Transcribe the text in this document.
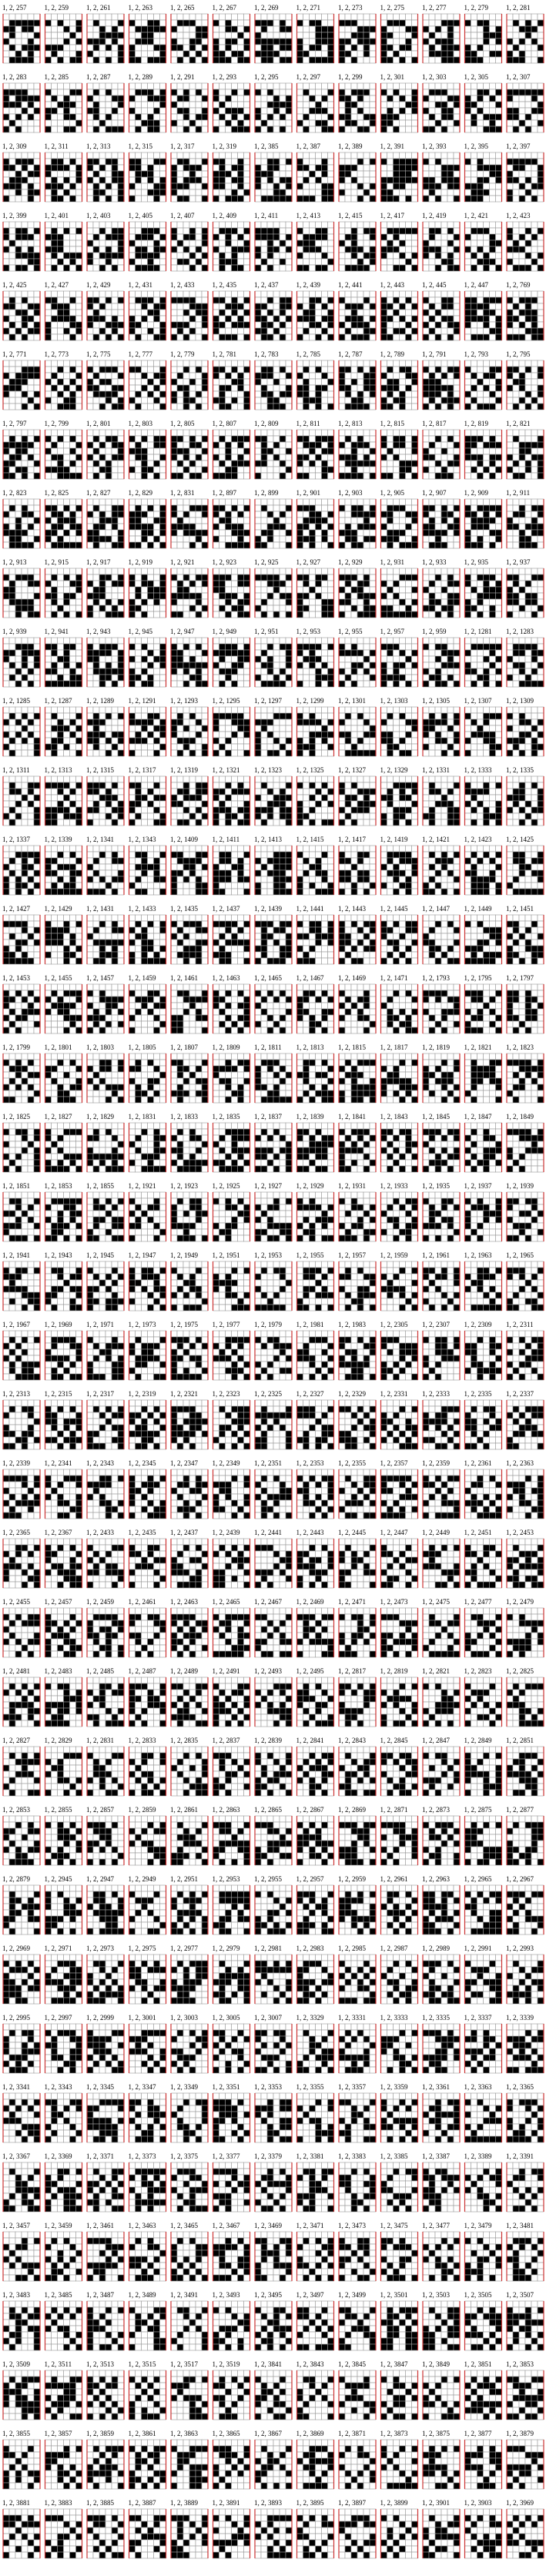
1, 2, 257	1, 2, 259	1, 2, 261	1, 2, 263	1, 2, 265	1, 2, 267	1, 2, 269	1, 2, 271	1, 2, 273	1, 2, 275	1, 2, 277	1, 2, 279	1, 2, 281
1, 2, 283	1, 2, 285	1, 2, 287	1, 2, 289	1, 2, 291	1, 2, 293	1, 2, 295	1, 2, 297	1, 2, 299	1, 2, 301	1, 2, 303	1, 2, 305	1, 2, 307
1, 2, 309	1, 2, 311	1, 2, 313	1, 2, 315	1, 2, 317	1, 2, 319	1, 2, 385	1, 2, 387	1, 2, 389	1, 2, 391	1, 2, 393	1, 2, 395	1, 2, 397
1, 2, 399	1, 2, 401	1, 2, 403	1, 2, 405	1, 2, 407	1, 2, 409	1, 2, 411	1, 2, 413	1, 2, 415	1, 2, 417	1, 2, 419	1, 2, 421	1, 2, 423
1, 2, 425	1, 2, 427	1, 2, 429	1, 2, 431	1, 2, 433	1, 2, 435	1, 2, 437	1, 2, 439	1, 2, 441	1, 2, 443	1, 2, 445	1, 2, 447	1, 2, 769
1, 2, 771	1, 2, 773	1, 2, 775	1, 2, 777	1, 2, 779	1, 2, 781	1, 2, 783	1, 2, 785	1, 2, 787	1, 2, 789	1, 2, 791	1, 2, 793	1, 2, 795
1, 2, 797	1, 2, 799	1, 2, 801	1, 2, 803	1, 2, 805	1, 2, 807	1, 2, 809	1, 2, 811	1, 2, 813	1, 2, 815	1, 2, 817	1, 2, 819	1, 2, 821
1, 2, 823	1, 2, 825	1, 2, 827	1, 2, 829	1, 2, 831	1, 2, 897	1, 2, 899	1, 2, 901	1, 2, 903	1, 2, 905	1, 2, 907	1, 2, 909	1, 2, 911
1, 2, 913	1, 2, 915	1, 2, 917	1, 2, 919	1, 2, 921	1, 2, 923	1, 2, 925	1, 2, 927	1, 2, 929	1, 2, 931	1, 2, 933	1, 2, 935	1, 2, 937
1, 2, 939	1, 2, 941	1, 2, 943	1, 2, 945	1, 2, 947	1, 2, 949	1, 2, 951	1, 2, 953	1, 2, 955	1, 2, 957	1, 2, 959	1, 2, 1281 1, 2, 1283
1, 2, 1285 1, 2, 1287 1, 2, 1289 1, 2, 1291 1, 2, 1293 1, 2, 1295 1, 2, 1297 1, 2, 1299 1, 2, 1301 1, 2, 1303 1, 2, 1305 1, 2, 1307 1, 2, 1309
1, 2, 1311 1, 2, 1313 1, 2, 1315 1, 2, 1317 1, 2, 1319 1, 2, 1321 1, 2, 1323 1, 2, 1325 1, 2, 1327 1, 2, 1329 1, 2, 1331 1, 2, 1333 1, 2, 1335
1, 2, 1337 1, 2, 1339 1, 2, 1341 1, 2, 1343 1, 2, 1409 1, 2, 1411 1, 2, 1413 1, 2, 1415 1, 2, 1417 1, 2, 1419 1, 2, 1421 1, 2, 1423 1, 2, 1425
1, 2, 1427 1, 2, 1429 1, 2, 1431 1, 2, 1433 1, 2, 1435 1, 2, 1437 1, 2, 1439 1, 2, 1441 1, 2, 1443 1, 2, 1445 1, 2, 1447 1, 2, 1449 1, 2, 1451
1, 2, 1453 1, 2, 1455 1, 2, 1457 1, 2, 1459 1, 2, 1461 1, 2, 1463 1, 2, 1465 1, 2, 1467 1, 2, 1469 1, 2, 1471 1, 2, 1793 1, 2, 1795 1, 2, 1797
1, 2, 1799 1, 2, 1801 1, 2, 1803 1, 2, 1805 1, 2, 1807 1, 2, 1809 1, 2, 1811 1, 2, 1813 1, 2, 1815 1, 2, 1817 1, 2, 1819 1, 2, 1821 1, 2, 1823
1, 2, 1825 1, 2, 1827 1, 2, 1829 1, 2, 1831 1, 2, 1833 1, 2, 1835 1, 2, 1837 1, 2, 1839 1, 2, 1841 1, 2, 1843 1, 2, 1845 1, 2, 1847 1, 2, 1849
1, 2, 1851 1, 2, 1853 1, 2, 1855 1, 2, 1921 1, 2, 1923 1, 2, 1925 1, 2, 1927 1, 2, 1929 1, 2, 1931 1, 2, 1933 1, 2, 1935 1, 2, 1937 1, 2, 1939
1, 2, 1941 1, 2, 1943 1, 2, 1945 1, 2, 1947 1, 2, 1949 1, 2, 1951 1, 2, 1953 1, 2, 1955 1, 2, 1957 1, 2, 1959 1, 2, 1961 1, 2, 1963 1, 2, 1965
1, 2, 1967 1, 2, 1969 1, 2, 1971 1, 2, 1973 1, 2, 1975 1, 2, 1977 1, 2, 1979 1, 2, 1981 1, 2, 1983 1, 2, 2305 1, 2, 2307 1, 2, 2309 1, 2, 2311
1, 2, 2313 1, 2, 2315 1, 2, 2317 1, 2, 2319 1, 2, 2321 1, 2, 2323 1, 2, 2325 1, 2, 2327 1, 2, 2329 1, 2, 2331 1, 2, 2333 1, 2, 2335 1, 2, 2337
1, 2, 2339 1, 2, 2341 1, 2, 2343 1, 2, 2345 1, 2, 2347 1, 2, 2349 1, 2, 2351 1, 2, 2353 1, 2, 2355 1, 2, 2357 1, 2, 2359 1, 2, 2361 1, 2, 2363
1, 2, 2365 1, 2, 2367 1, 2, 2433 1, 2, 2435 1, 2, 2437 1, 2, 2439 1, 2, 2441 1, 2, 2443 1, 2, 2445 1, 2, 2447 1, 2, 2449 1, 2, 2451 1, 2, 2453
1, 2, 2455 1, 2, 2457 1, 2, 2459 1, 2, 2461 1, 2, 2463 1, 2, 2465 1, 2, 2467 1, 2, 2469 1, 2, 2471 1, 2, 2473 1, 2, 2475 1, 2, 2477 1, 2, 2479
1, 2, 2481 1, 2, 2483 1, 2, 2485 1, 2, 2487 1, 2, 2489 1, 2, 2491 1, 2, 2493 1, 2, 2495 1, 2, 2817 1, 2, 2819 1, 2, 2821 1, 2, 2823 1, 2, 2825
1, 2, 2827 1, 2, 2829 1, 2, 2831 1, 2, 2833 1, 2, 2835 1, 2, 2837 1, 2, 2839 1, 2, 2841 1, 2, 2843 1, 2, 2845 1, 2, 2847 1, 2, 2849 1, 2, 2851
1, 2, 2853 1, 2, 2855 1, 2, 2857 1, 2, 2859 1, 2, 2861 1, 2, 2863 1, 2, 2865 1, 2, 2867 1, 2, 2869 1, 2, 2871 1, 2, 2873 1, 2, 2875 1, 2, 2877
1, 2, 2879 1, 2, 2945 1, 2, 2947 1, 2, 2949 1, 2, 2951 1, 2, 2953 1, 2, 2955 1, 2, 2957 1, 2, 2959 1, 2, 2961 1, 2, 2963 1, 2, 2965 1, 2, 2967
1, 2, 2969 1, 2, 2971 1, 2, 2973 1, 2, 2975 1, 2, 2977 1, 2, 2979 1, 2, 2981 1, 2, 2983 1, 2, 2985 1, 2, 2987 1, 2, 2989 1, 2, 2991 1, 2, 2993
1, 2, 2995 1, 2, 2997 1, 2, 2999 1, 2, 3001 1, 2, 3003 1, 2, 3005 1, 2, 3007 1, 2, 3329 1, 2, 3331 1, 2, 3333 1, 2, 3335 1, 2, 3337 1, 2, 3339
1, 2, 3341 1, 2, 3343 1, 2, 3345 1, 2, 3347 1, 2, 3349 1, 2, 3351 1, 2, 3353 1, 2, 3355 1, 2, 3357 1, 2, 3359 1, 2, 3361 1, 2, 3363 1, 2, 3365
1, 2, 3367 1, 2, 3369 1, 2, 3371 1, 2, 3373 1, 2, 3375 1, 2, 3377 1, 2, 3379 1, 2, 3381 1, 2, 3383 1, 2, 3385 1, 2, 3387 1, 2, 3389 1, 2, 3391
1, 2, 3457 1, 2, 3459 1, 2, 3461 1, 2, 3463 1, 2, 3465 1, 2, 3467 1, 2, 3469 1, 2, 3471 1, 2, 3473 1, 2, 3475 1, 2, 3477 1, 2, 3479 1, 2, 3481
1, 2, 3483 1, 2, 3485 1, 2, 3487 1, 2, 3489 1, 2, 3491 1, 2, 3493 1, 2, 3495 1, 2, 3497 1, 2, 3499 1, 2, 3501 1, 2, 3503 1, 2, 3505 1, 2, 3507
1, 2, 3509 1, 2, 3511 1, 2, 3513 1, 2, 3515 1, 2, 3517 1, 2, 3519 1, 2, 3841 1, 2, 3843 1, 2, 3845 1, 2, 3847 1, 2, 3849 1, 2, 3851 1, 2, 3853
1, 2, 3855 1, 2, 3857 1, 2, 3859 1, 2, 3861 1, 2, 3863 1, 2, 3865 1, 2, 3867 1, 2, 3869 1, 2, 3871 1, 2, 3873 1, 2, 3875 1, 2, 3877 1, 2, 3879
1, 2, 3881 1, 2, 3883 1, 2, 3885 1, 2, 3887 1, 2, 3889 1, 2, 3891 1, 2, 3893 1, 2, 3895 1, 2, 3897 1, 2, 3899 1, 2, 3901 1, 2, 3903 1, 2, 3969
